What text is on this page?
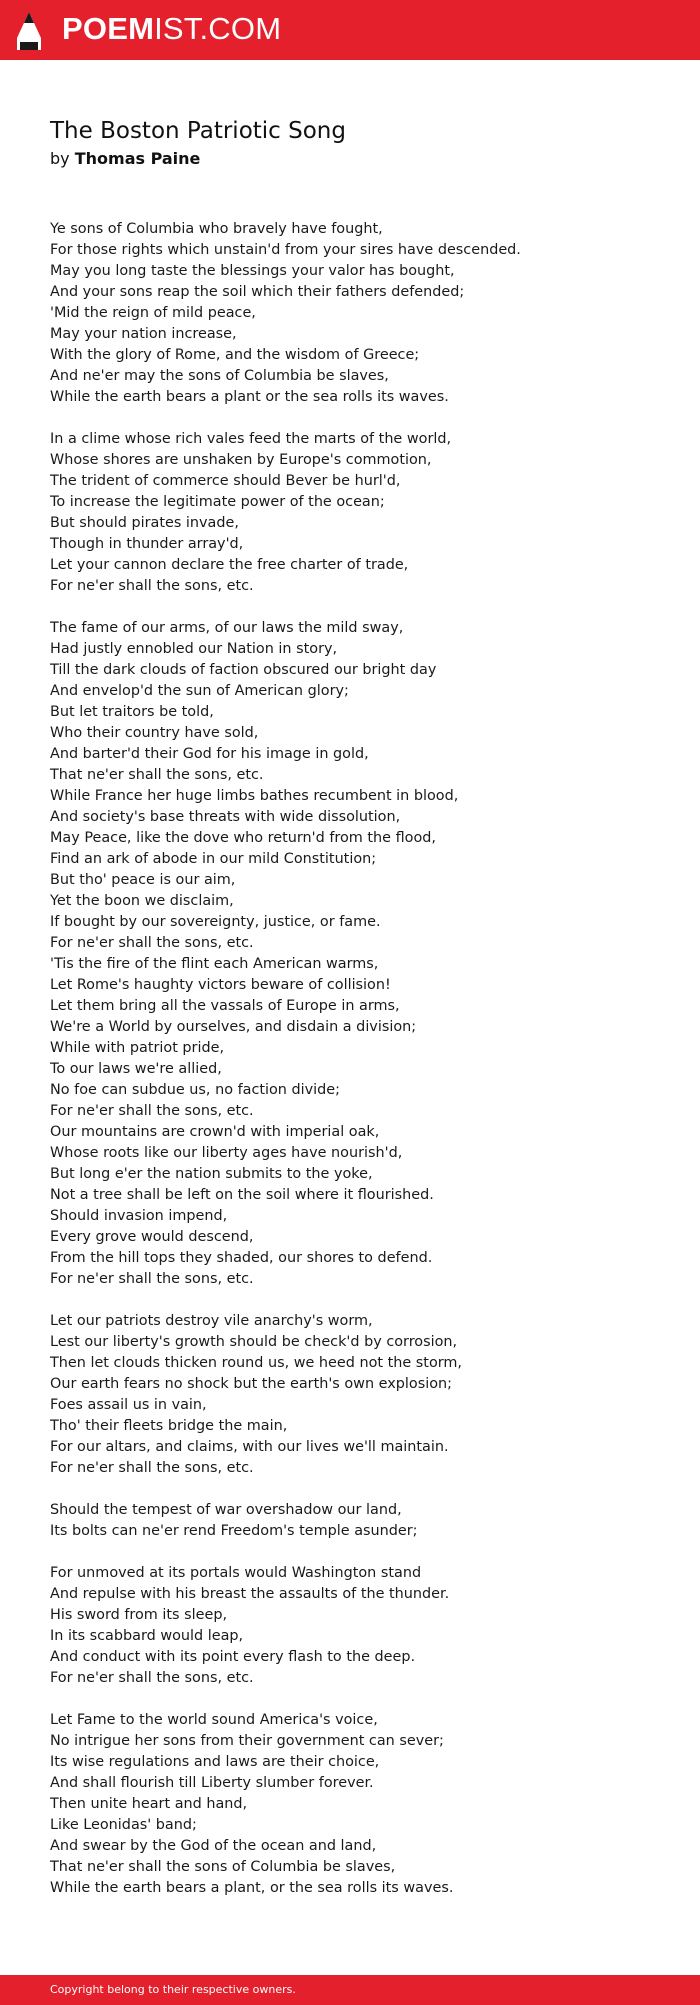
POEMIST.COM
The Boston Patriotic Song
by Thomas Paine
Ye sons of Columbia who bravely have fought,
For those rights which unstain'd from your sires have descended.
May you long taste the blessings your valor has bought,
And your sons reap the soil which their fathers defended;
'Mid the reign of mild peace,
May your nation increase,
With the glory of Rome, and the wisdom of Greece;
And ne'er may the sons of Columbia be slaves,
While the earth bears a plant or the sea rolls its waves.
In a clime whose rich vales feed the marts of the world,
Whose shores are unshaken by Europe's commotion,
The trident of commerce should Bever be hurl'd,
To increase the legitimate power of the ocean;
But should pirates invade,
Though in thunder array'd,
Let your cannon declare the free charter of trade,
For ne'er shall the sons, etc.
The fame of our arms, of our laws the mild sway,
Had justly ennobled our Nation in story,
Till the dark clouds of faction obscured our bright day
And envelop'd the sun of American glory;
But let traitors be told,
Who their country have sold,
And barter'd their God for his image in gold,
That ne'er shall the sons, etc.
While France her huge limbs bathes recumbent in blood,
And society's base threats with wide dissolution,
May Peace, like the dove who return'd from the flood,
Find an ark of abode in our mild Constitution;
But tho' peace is our aim,
Yet the boon we disclaim,
If bought by our sovereignty, justice, or fame.
For ne'er shall the sons, etc.
'Tis the fire of the flint each American warms,
Let Rome's haughty victors beware of collision!
Let them bring all the vassals of Europe in arms,
We're a World by ourselves, and disdain a division;
While with patriot pride,
To our laws we're allied,
No foe can subdue us, no faction divide;
For ne'er shall the sons, etc.
Our mountains are crown'd with imperial oak,
Whose roots like our liberty ages have nourish'd,
But long e'er the nation submits to the yoke,
Not a tree shall be left on the soil where it flourished.
Should invasion impend,
Every grove would descend,
From the hill tops they shaded, our shores to defend.
For ne'er shall the sons, etc.
Let our patriots destroy vile anarchy's worm,
Lest our liberty's growth should be check'd by corrosion,
Then let clouds thicken round us, we heed not the storm,
Our earth fears no shock but the earth's own explosion;
Foes assail us in vain,
Tho' their fleets bridge the main,
For our altars, and claims, with our lives we'll maintain.
For ne'er shall the sons, etc.
Should the tempest of war overshadow our land,
Its bolts can ne'er rend Freedom's temple asunder;
For unmoved at its portals would Washington stand
And repulse with his breast the assaults of the thunder.
His sword from its sleep,
In its scabbard would leap,
And conduct with its point every flash to the deep.
For ne'er shall the sons, etc.
Let Fame to the world sound America's voice,
No intrigue her sons from their government can sever;
Its wise regulations and laws are their choice,
And shall flourish till Liberty slumber forever.
Then unite heart and hand,
Like Leonidas' band;
And swear by the God of the ocean and land,
That ne'er shall the sons of Columbia be slaves,
While the earth bears a plant, or the sea rolls its waves.
Copyright belong to their respective owners.
